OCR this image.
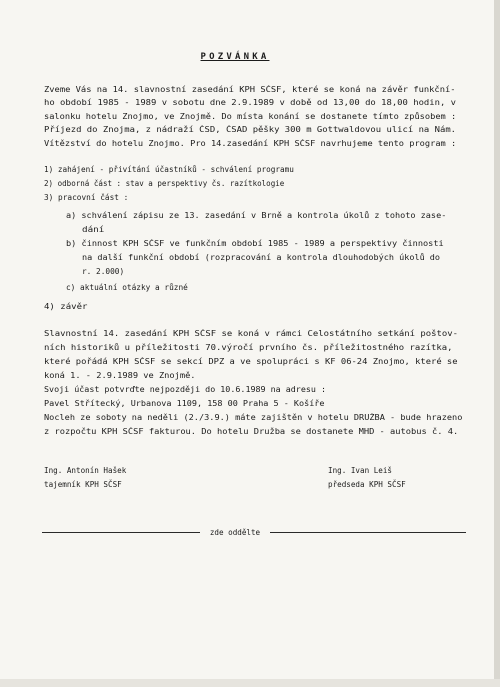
POZVÁNKA
Zveme Vás na 14. slavnostní zasedání KPH SČSF, které se koná na závěr funkční-
ho období 1985 - 1989 v sobotu dne 2.9.1989 v době od 13,00 do 18,00 hodin, v
salonku hotelu Znojmo, ve Znojmě. Do místa konání se dostanete tímto způsobem :
Příjezd do Znojma, z nádraží ČSD, ČSAD pěšky 300 m Gottwaldovou ulicí na Nám.
Vítězství do hotelu Znojmo. Pro 14.zasedání KPH SČSF navrhujeme tento program :
1) zahájení - přivítání účastníků - schválení programu
2) odborná část : stav a perspektivy čs. razítkologie
3) pracovní část :
a) schválení zápisu ze 13. zasedání v Brně a kontrola úkolů z tohoto zase-
dání
b) činnost KPH SČSF ve funkčním období 1985 - 1989 a perspektivy činnosti
na další funkční období (rozpracování a kontrola dlouhodobých úkolů do
r. 2.000)
c) aktuální otázky a různé
4) závěr
Slavnostní 14. zasedání KPH SČSF se koná v rámci Celostátního setkání poštov-
ních historiků u příležitosti 70.výročí prvního čs. příležitostného razítka,
které pořádá KPH SČSF se sekcí DPZ a ve spolupráci s KF 06-24 Znojmo, které se
koná 1. - 2.9.1989 ve Znojmě.
Svoji účast potvrďte nejpozději do 10.6.1989 na adresu :
Pavel Střítecký, Urbanova 1109, 158 00 Praha 5 - Košíře
Nocleh ze soboty na neděli (2./3.9.) máte zajištěn v hotelu DRUŽBA - bude hrazeno
z rozpočtu KPH SČSF fakturou. Do hotelu Družba se dostanete MHD - autobus č. 4.
Ing. Antonín Hašek
tajemník KPH SČSF
Ing. Ivan Leiš
předseda KPH SČSF
zde oddělte
